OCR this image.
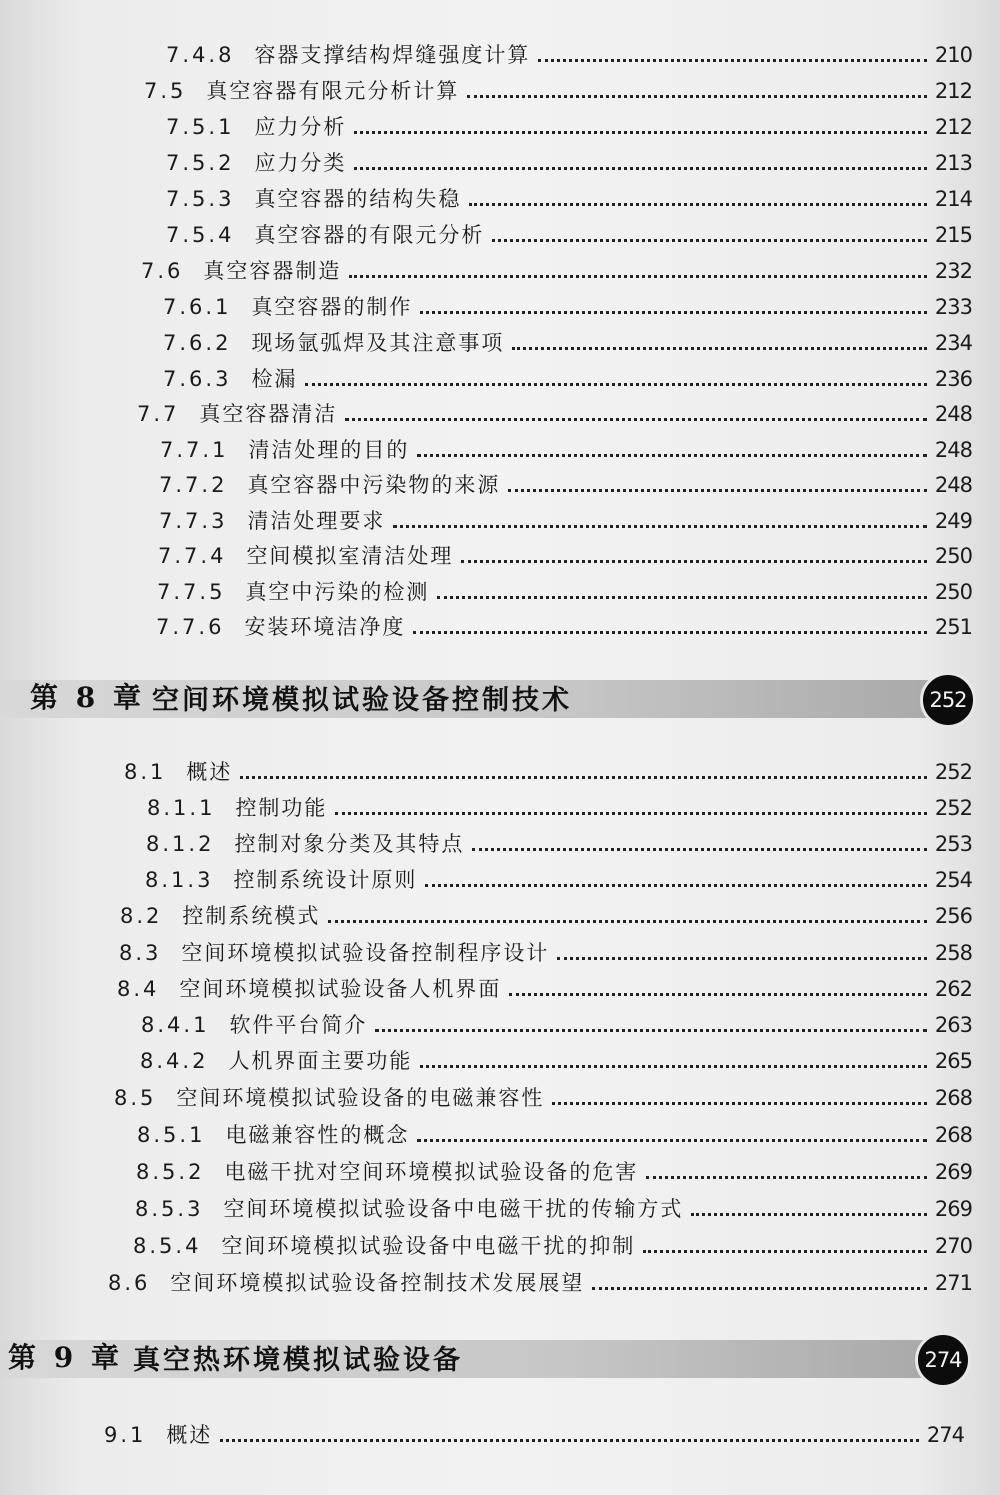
7.4.8 容器支撑结构焊缝强度计算	210
7.5 真空容器有限元分析计算	212
7.5.1 应力分析	212
7.5.2 应力分类	213
7.5.3 真空容器的结构失稳	214
7.5.4 真空容器的有限元分析	215
7.6 真空容器制造	232
7.6.1 真空容器的制作	233
7.6.2 现场氩弧焊及其注意事项	234
7.6.3 检漏	236
7.7 真空容器清洁	248
7.7.1 清洁处理的目的	248
7.7.2 真空容器中污染物的来源	248
7.7.3 清洁处理要求	249
7.7.4 空间模拟室清洁处理	250
7.7.5 真空中污染的检测	250
7.7.6 安装环境洁净度	251
第 8 章 空间环境模拟试验设备控制技术	252
8.1 概述	252
8.1.1 控制功能	252
8.1.2 控制对象分类及其特点	253
8.1.3 控制系统设计原则	254
8.2 控制系统模式	256
8.3 空间环境模拟试验设备控制程序设计	258
8.4 空间环境模拟试验设备人机界面	262
8.4.1 软件平台简介	263
8.4.2 人机界面主要功能	265
8.5 空间环境模拟试验设备的电磁兼容性	268
8.5.1 电磁兼容性的概念	268
8.5.2 电磁干扰对空间环境模拟试验设备的危害	269
8.5.3 空间环境模拟试验设备中电磁干扰的传输方式	269
8.5.4 空间环境模拟试验设备中电磁干扰的抑制	270
8.6 空间环境模拟试验设备控制技术发展展望	271
第 9 章 真空热环境模拟试验设备	274
9.1 概述	274
